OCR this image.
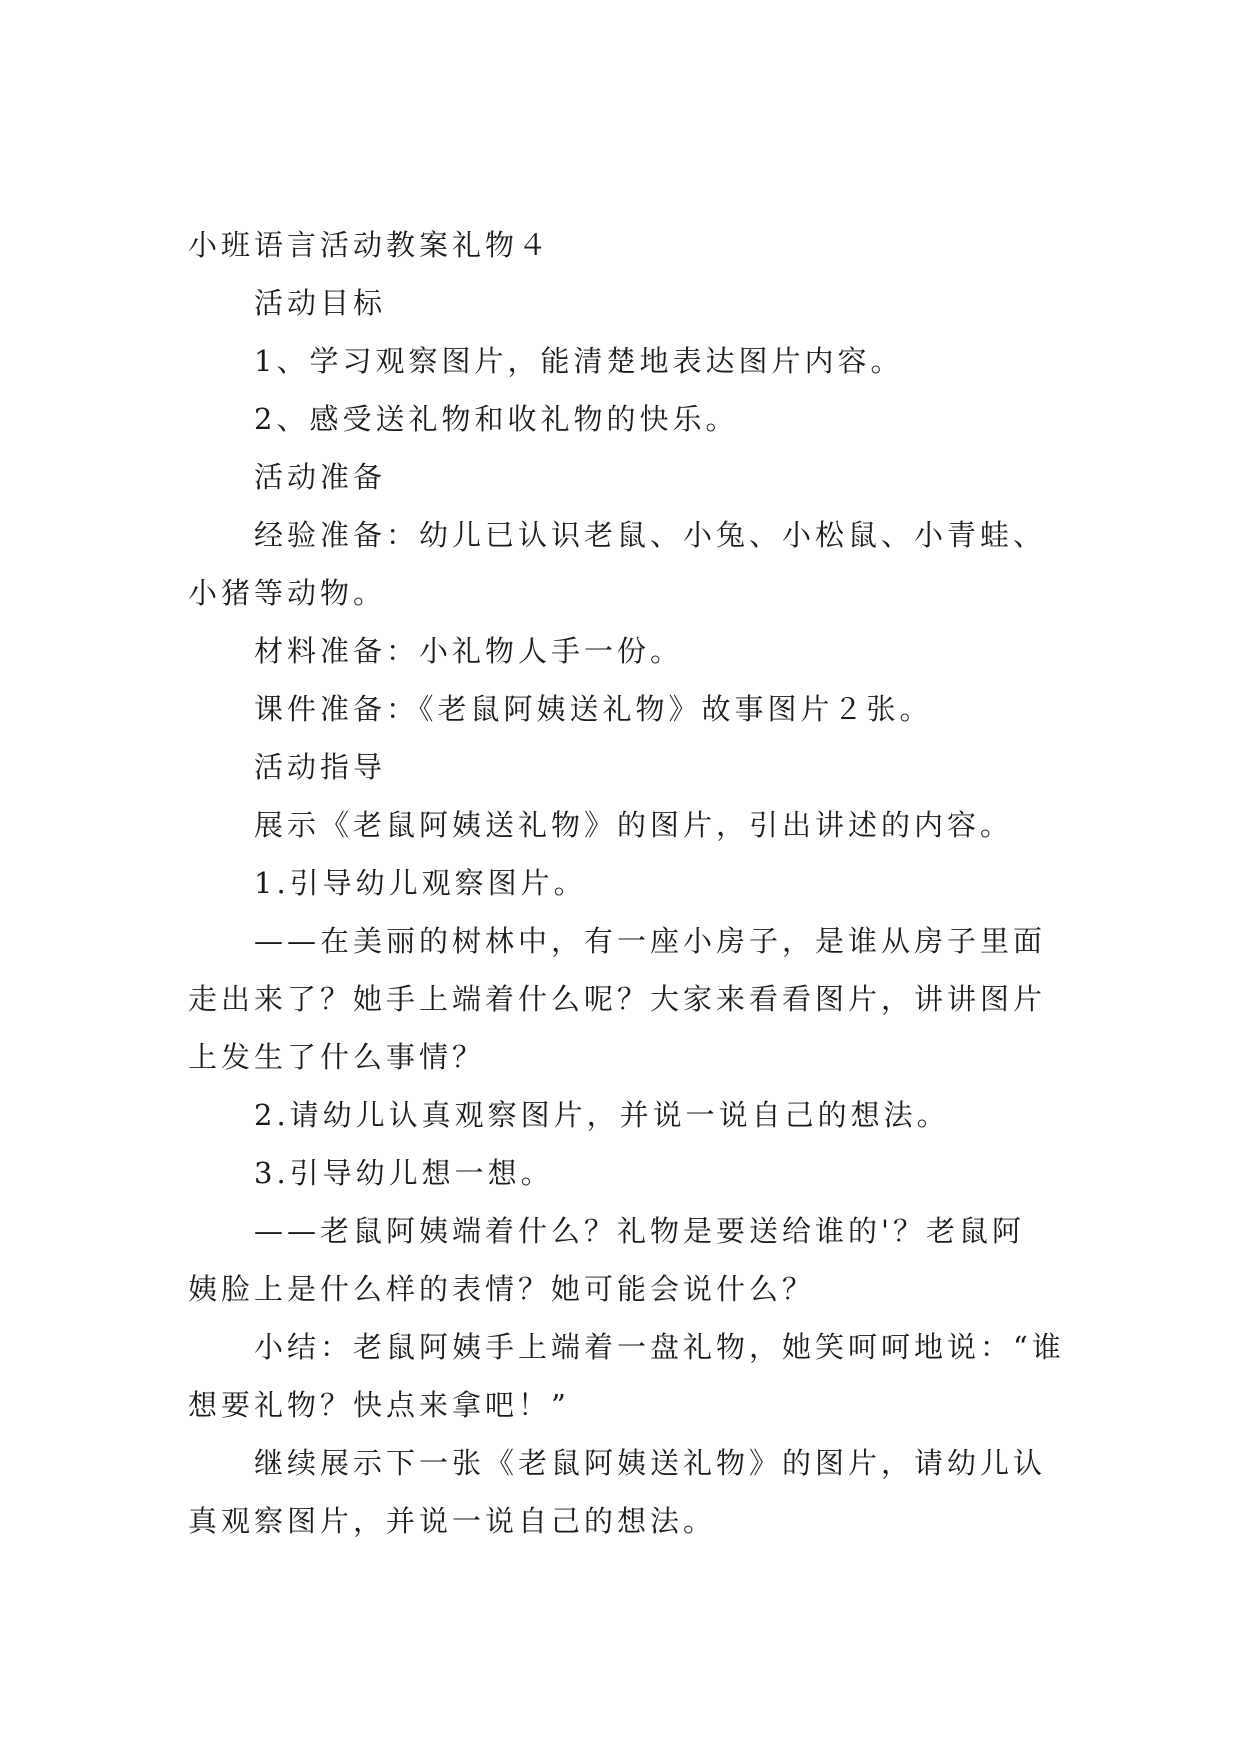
小班语言活动教案礼物４
活动目标
1、学习观察图片，能清楚地表达图片内容。
2、感受送礼物和收礼物的快乐。
活动准备
经验准备：幼儿已认识老鼠、小兔、小松鼠、小青蛙、
小猪等动物。
材料准备：小礼物人手一份。
课件准备：《老鼠阿姨送礼物》故事图片２张。
活动指导
展示《老鼠阿姨送礼物》的图片，引出讲述的内容。
1.引导幼儿观察图片。
——在美丽的树林中，有一座小房子，是谁从房子里面
走出来了？她手上端着什么呢？大家来看看图片，讲讲图片
上发生了什么事情？
2.请幼儿认真观察图片，并说一说自己的想法。
3.引导幼儿想一想。
——老鼠阿姨端着什么？礼物是要送给谁的'？老鼠阿
姨脸上是什么样的表情？她可能会说什么？
小结：老鼠阿姨手上端着一盘礼物，她笑呵呵地说：“谁
想要礼物？快点来拿吧！”
继续展示下一张《老鼠阿姨送礼物》的图片，请幼儿认
真观察图片，并说一说自己的想法。
